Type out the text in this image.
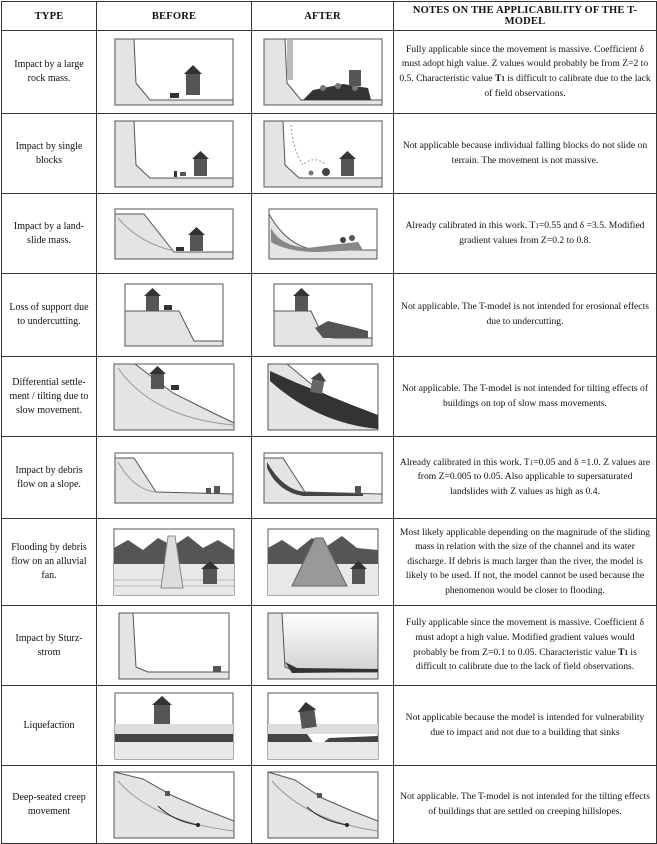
TYPE	BEFORE	AFTER	NOTES ON THE APPLICABILITY OF THE T-MODEL
Impact by a large rock mass.			Fully applicable since the movement is massive. Coefficient δ must adopt high value. Z values would probably be from Z=2 to 0.5. Characteristic value T1 is difficult to calibrate due to the lack of field observations.
Impact by single blocks			Not applicable because individual falling blocks do not slide on terrain. The movement is not massive.
Impact by a land-slide mass.			Already calibrated in this work. T1=0.55 and δ =3.5. Modified gradient values from Z=0.2 to 0.8.
Loss of support due to undercutting.			Not applicable. The T-model is not intended for erosional effects due to undercutting.
Differential settle-ment / tilting due to slow movement.			Not applicable. The T-model is not intended for tilting effects of buildings on top of slow mass movements.
Impact by debris flow on a slope.			Already calibrated in this work. T1=0.05 and δ =1.0. Z values are from Z=0.005 to 0.05. Also applicable to supersaturated landslides with Z values as high as 0.4.
Flooding by debris flow on an alluvial fan.			Most likely applicable depending on the magnitude of the sliding mass in relation with the size of the channel and its water discharge. If debris is much larger than the river, the model is likely to be used. If not, the model cannot be used because the phenomenon would be closer to flooding.
Impact by Sturz-strom			Fully applicable since the movement is massive. Coefficient δ must adopt a high value. Modified gradient values would probably be from Z=0.1 to 0.05. Characteristic value T1 is difficult to calibrate due to the lack of field observations.
Liquefaction			Not applicable because the model is intended for vulnerability due to impact and not due to a building that sinks
Deep-seated creep movement			Not applicable. The T-model is not intended for the tilting effects of buildings that are settled on creeping hillslopes.
